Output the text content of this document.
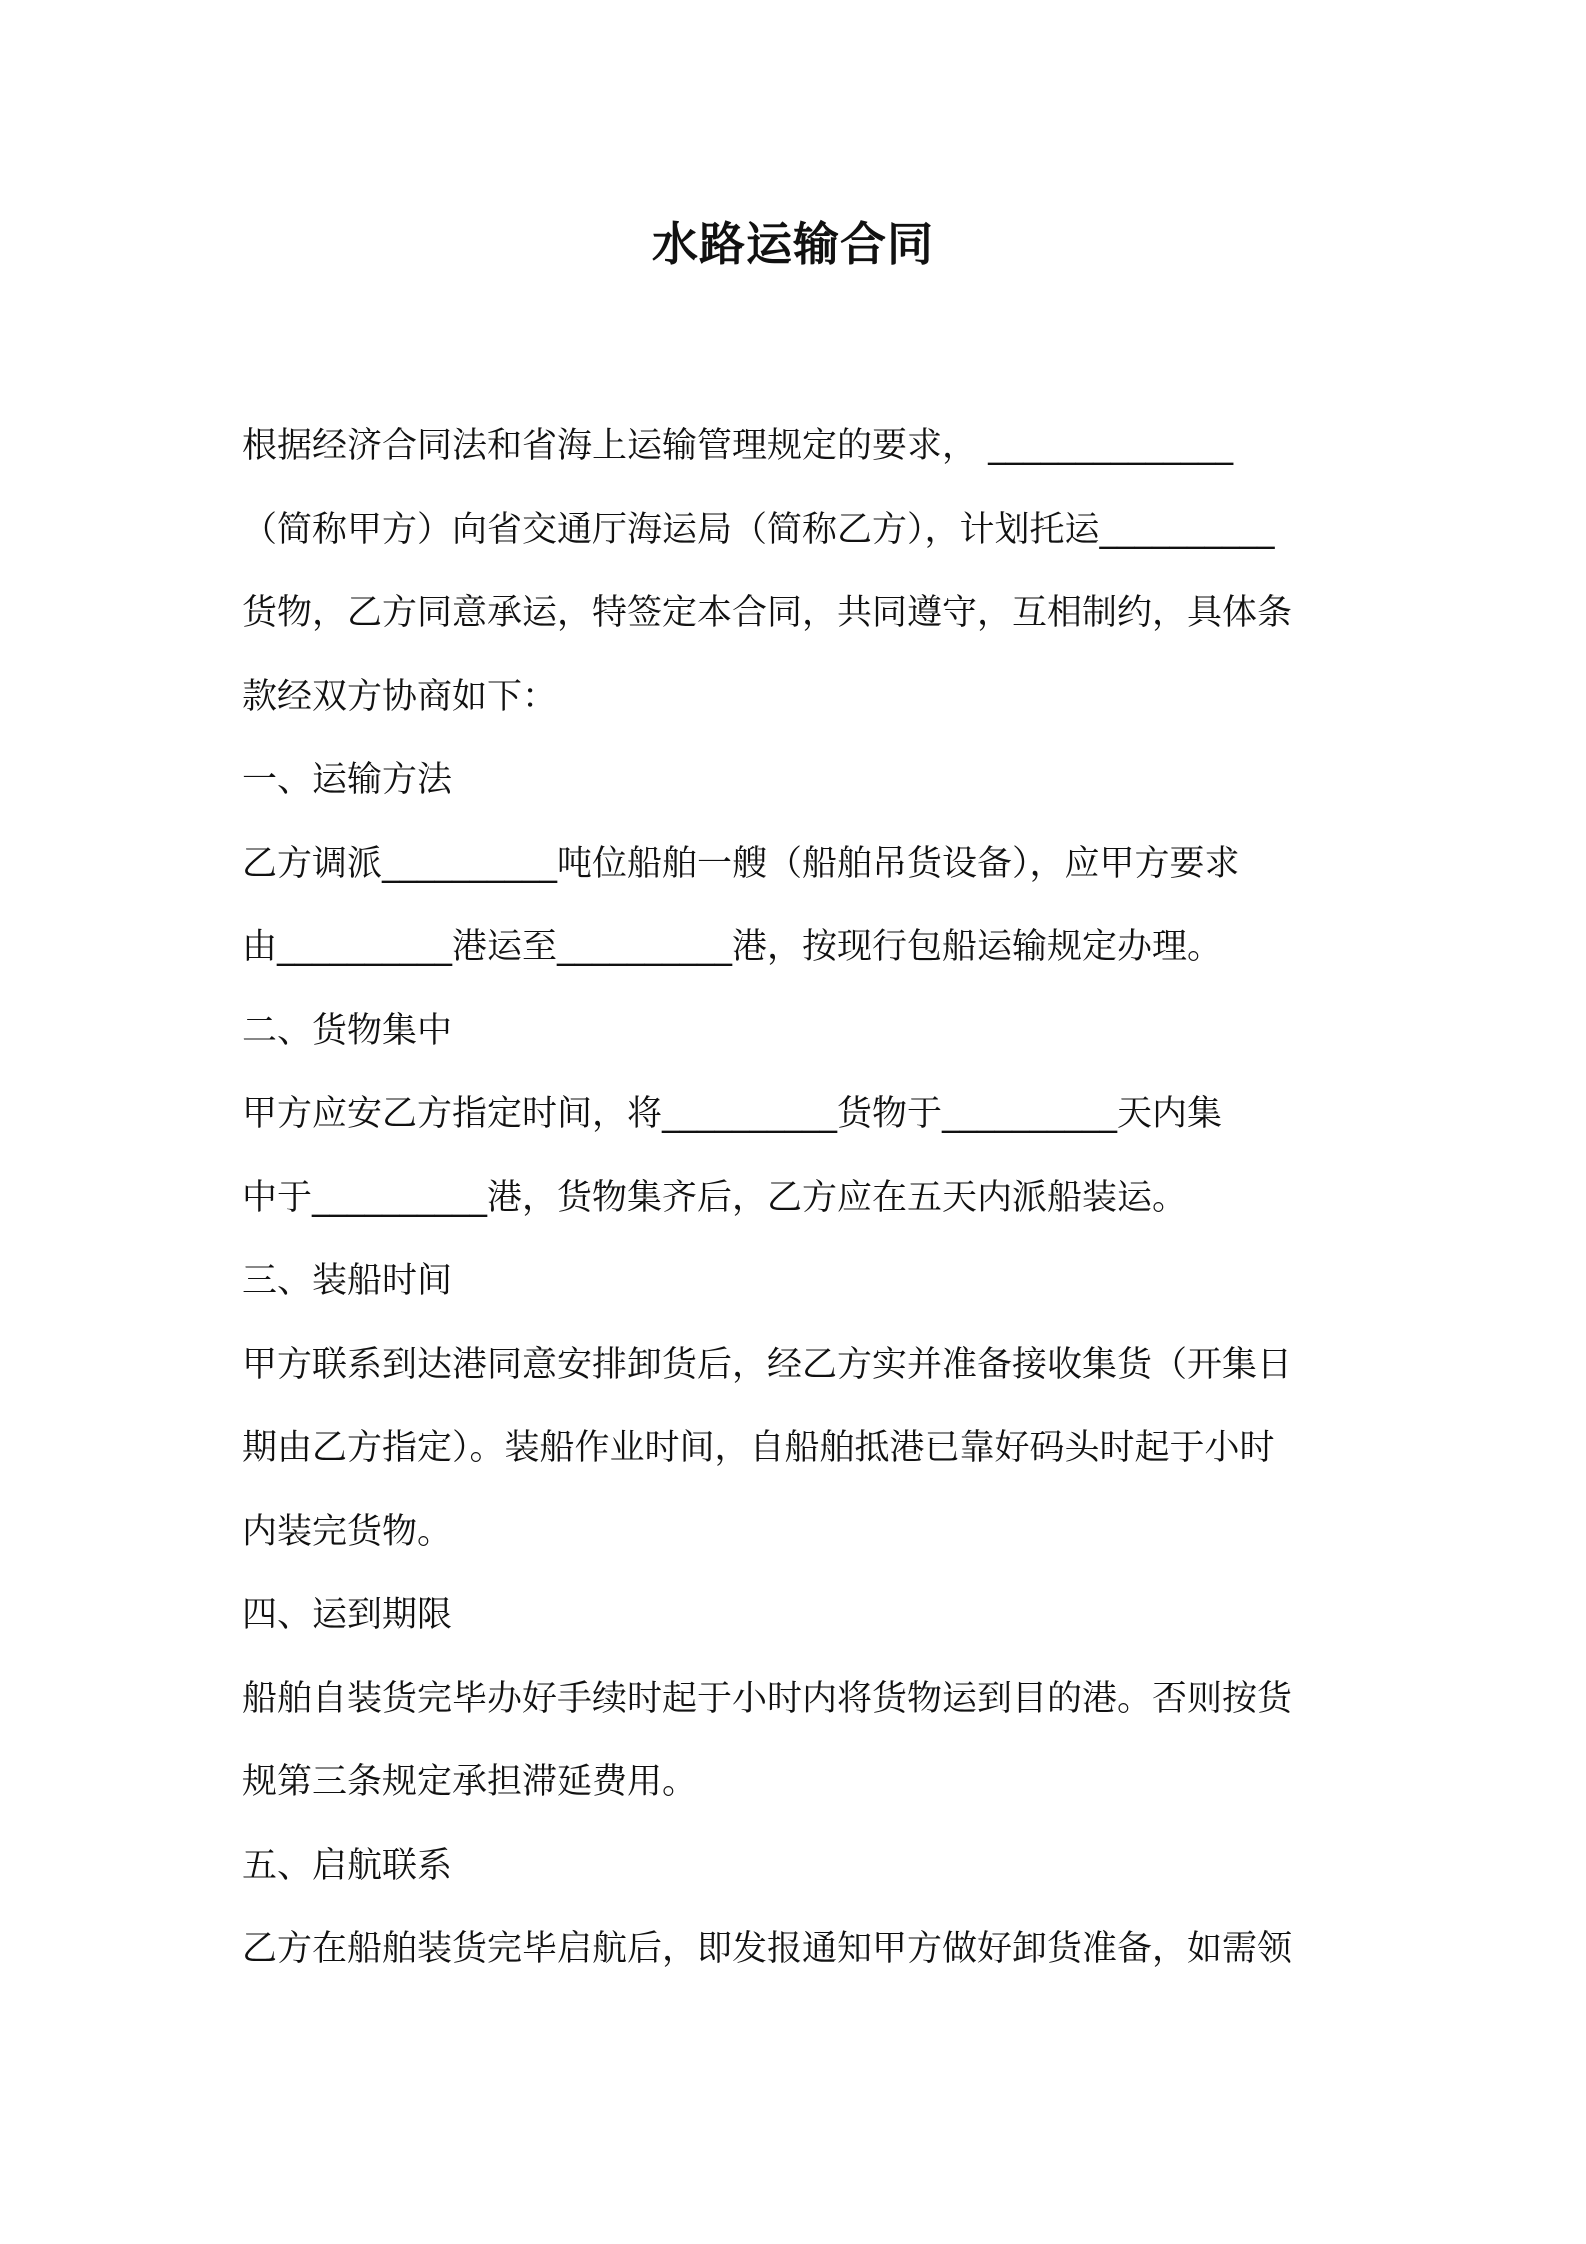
水路运输合同
根据经济合同法和省海上运输管理规定的要求， ______________
（简称甲方）向省交通厅海运局（简称乙方），计划托运__________
货物，乙方同意承运，特签定本合同，共同遵守，互相制约，具体条
款经双方协商如下：
一、运输方法
乙方调派__________吨位船舶一艘（船舶吊货设备），应甲方要求
由__________港运至__________港，按现行包船运输规定办理。
二、货物集中
甲方应安乙方指定时间，将__________货物于__________天内集
中于__________港，货物集齐后，乙方应在五天内派船装运。
三、装船时间
甲方联系到达港同意安排卸货后，经乙方实并准备接收集货（开集日
期由乙方指定）。装船作业时间，自船舶抵港已靠好码头时起于小时
内装完货物。
四、运到期限
船舶自装货完毕办好手续时起于小时内将货物运到目的港。否则按货
规第三条规定承担滞延费用。
五、启航联系
乙方在船舶装货完毕启航后，即发报通知甲方做好卸货准备，如需领
